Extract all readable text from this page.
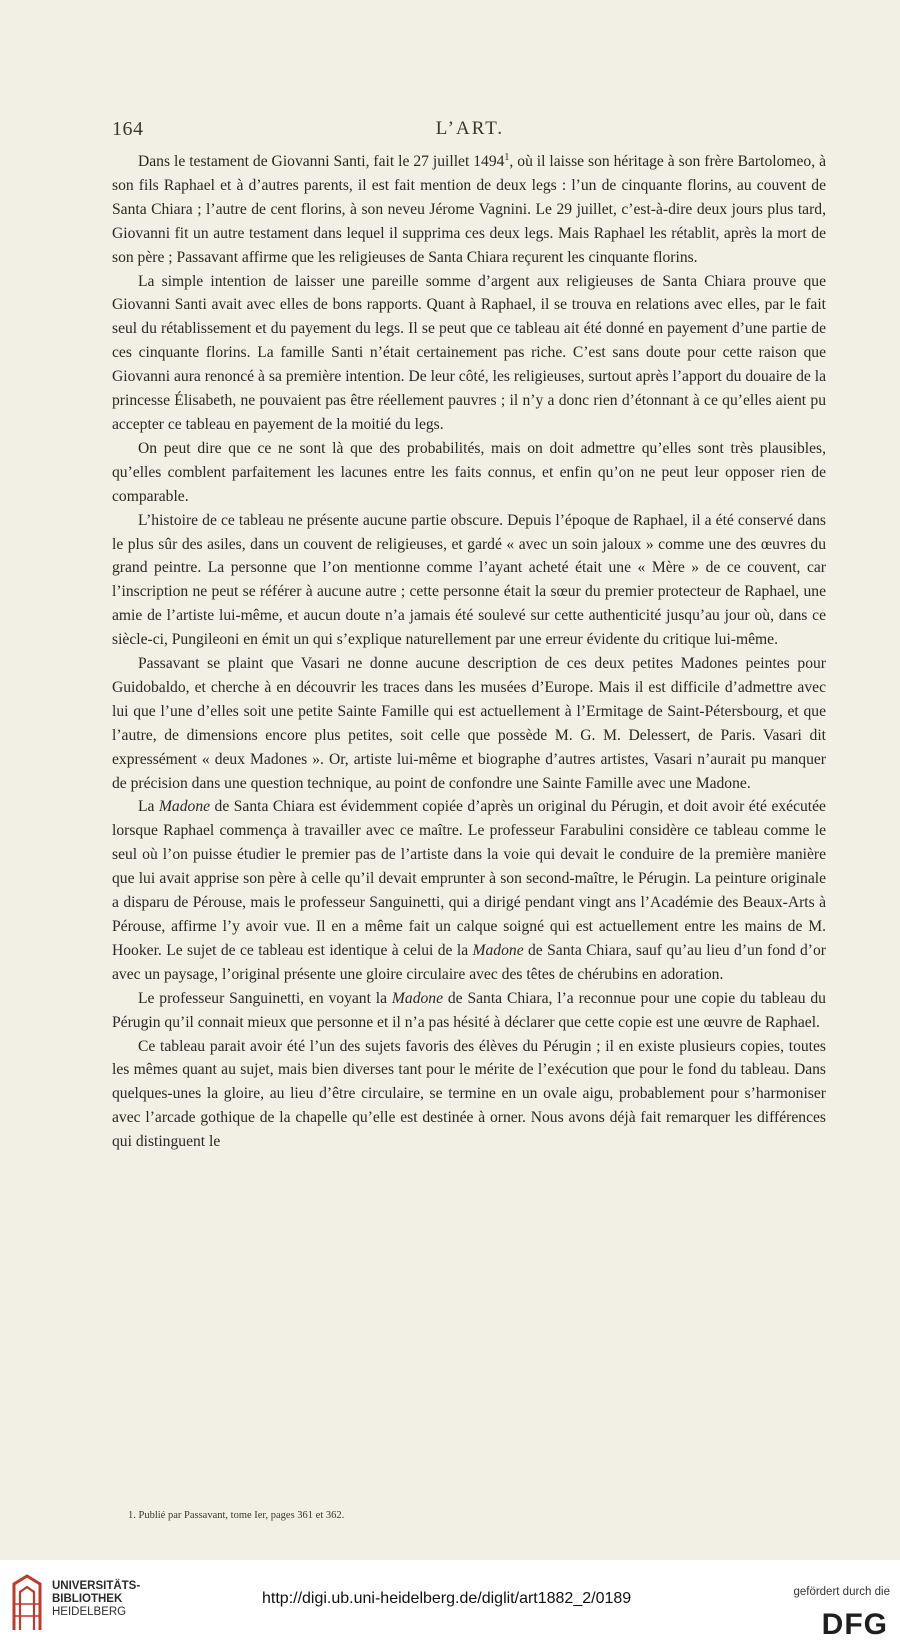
164	L’ART.

Dans le testament de Giovanni Santi, fait le 27 juillet 1494$^1$, où il laisse son héritage à son frère Bartolomeo, à son fils Raphael et à d’autres parents, il est fait mention de deux legs : l’un de cinquante florins, au couvent de Santa Chiara ; l’autre de cent florins, à son neveu Jérome Vagnini. Le 29 juillet, c’est-à-dire deux jours plus tard, Giovanni fit un autre testament dans lequel il supprima ces deux legs. Mais Raphael les rétablit, après la mort de son père ; Passavant affirme que les religieuses de Santa Chiara reçurent les cinquante florins.

La simple intention de laisser une pareille somme d’argent aux religieuses de Santa Chiara prouve que Giovanni Santi avait avec elles de bons rapports. Quant à Raphael, il se trouva en relations avec elles, par le fait seul du rétablissement et du payement du legs. Il se peut que ce tableau ait été donné en payement d’une partie de ces cinquante florins. La famille Santi n’était certainement pas riche. C’est sans doute pour cette raison que Giovanni aura renoncé à sa première intention. De leur côté, les religieuses, surtout après l’apport du douaire de la princesse Élisabeth, ne pouvaient pas être réellement pauvres ; il n’y a donc rien d’étonnant à ce qu’elles aient pu accepter ce tableau en payement de la moitié du legs.

On peut dire que ce ne sont là que des probabilités, mais on doit admettre qu’elles sont très plausibles, qu’elles comblent parfaitement les lacunes entre les faits connus, et enfin qu’on ne peut leur opposer rien de comparable.

L’histoire de ce tableau ne présente aucune partie obscure. Depuis l’époque de Raphael, il a été conservé dans le plus sûr des asiles, dans un couvent de religieuses, et gardé « avec un soin jaloux » comme une des œuvres du grand peintre. La personne que l’on mentionne comme l’ayant acheté était une « Mère » de ce couvent, car l’inscription ne peut se référer à aucune autre ; cette personne était la sœur du premier protecteur de Raphael, une amie de l’artiste lui-même, et aucun doute n’a jamais été soulevé sur cette authenticité jusqu’au jour où, dans ce siècle-ci, Pungileoni en émit un qui s’explique naturellement par une erreur évidente du critique lui-même.

Passavant se plaint que Vasari ne donne aucune description de ces deux petites Madones peintes pour Guidobaldo, et cherche à en découvrir les traces dans les musées d’Europe. Mais il est difficile d’admettre avec lui que l’une d’elles soit une petite Sainte Famille qui est actuellement à l’Ermitage de Saint-Pétersbourg, et que l’autre, de dimensions encore plus petites, soit celle que possède M. G. M. Delessert, de Paris. Vasari dit expressément « deux Madones ». Or, artiste lui-même et biographe d’autres artistes, Vasari n’aurait pu manquer de précision dans une question technique, au point de confondre une Sainte Famille avec une Madone.

La Madone de Santa Chiara est évidemment copiée d’après un original du Pérugin, et doit avoir été exécutée lorsque Raphael commença à travailler avec ce maître. Le professeur Farabulini considère ce tableau comme le seul où l’on puisse étudier le premier pas de l’artiste dans la voie qui devait le conduire de la première manière que lui avait apprise son père à celle qu’il devait emprunter à son second-maître, le Pérugin. La peinture originale a disparu de Pérouse, mais le professeur Sanguinetti, qui a dirigé pendant vingt ans l’Académie des Beaux-Arts à Pérouse, affirme l’y avoir vue. Il en a même fait un calque soigné qui est actuellement entre les mains de M. Hooker. Le sujet de ce tableau est identique à celui de la Madone de Santa Chiara, sauf qu’au lieu d’un fond d’or avec un paysage, l’original présente une gloire circulaire avec des têtes de chérubins en adoration.

Le professeur Sanguinetti, en voyant la Madone de Santa Chiara, l’a reconnue pour une copie du tableau du Pérugin qu’il connait mieux que personne et il n’a pas hésité à déclarer que cette copie est une œuvre de Raphael.

Ce tableau parait avoir été l’un des sujets favoris des élèves du Pérugin ; il en existe plusieurs copies, toutes les mêmes quant au sujet, mais bien diverses tant pour le mérite de l’exécution que pour le fond du tableau. Dans quelques-unes la gloire, au lieu d’être circulaire, se termine en un ovale aigu, probablement pour s’harmoniser avec l’arcade gothique de la chapelle qu’elle est destinée à orner. Nous avons déjà fait remarquer les différences qui distinguent le

1. Publié par Passavant, tome Ier, pages 361 et 362.
UNIVERSITÄTS-
BIBLIOTHEK
HEIDELBERG
http://digi.ub.uni-heidelberg.de/diglit/art1882_2/0189	gefördert durch die
DFG
